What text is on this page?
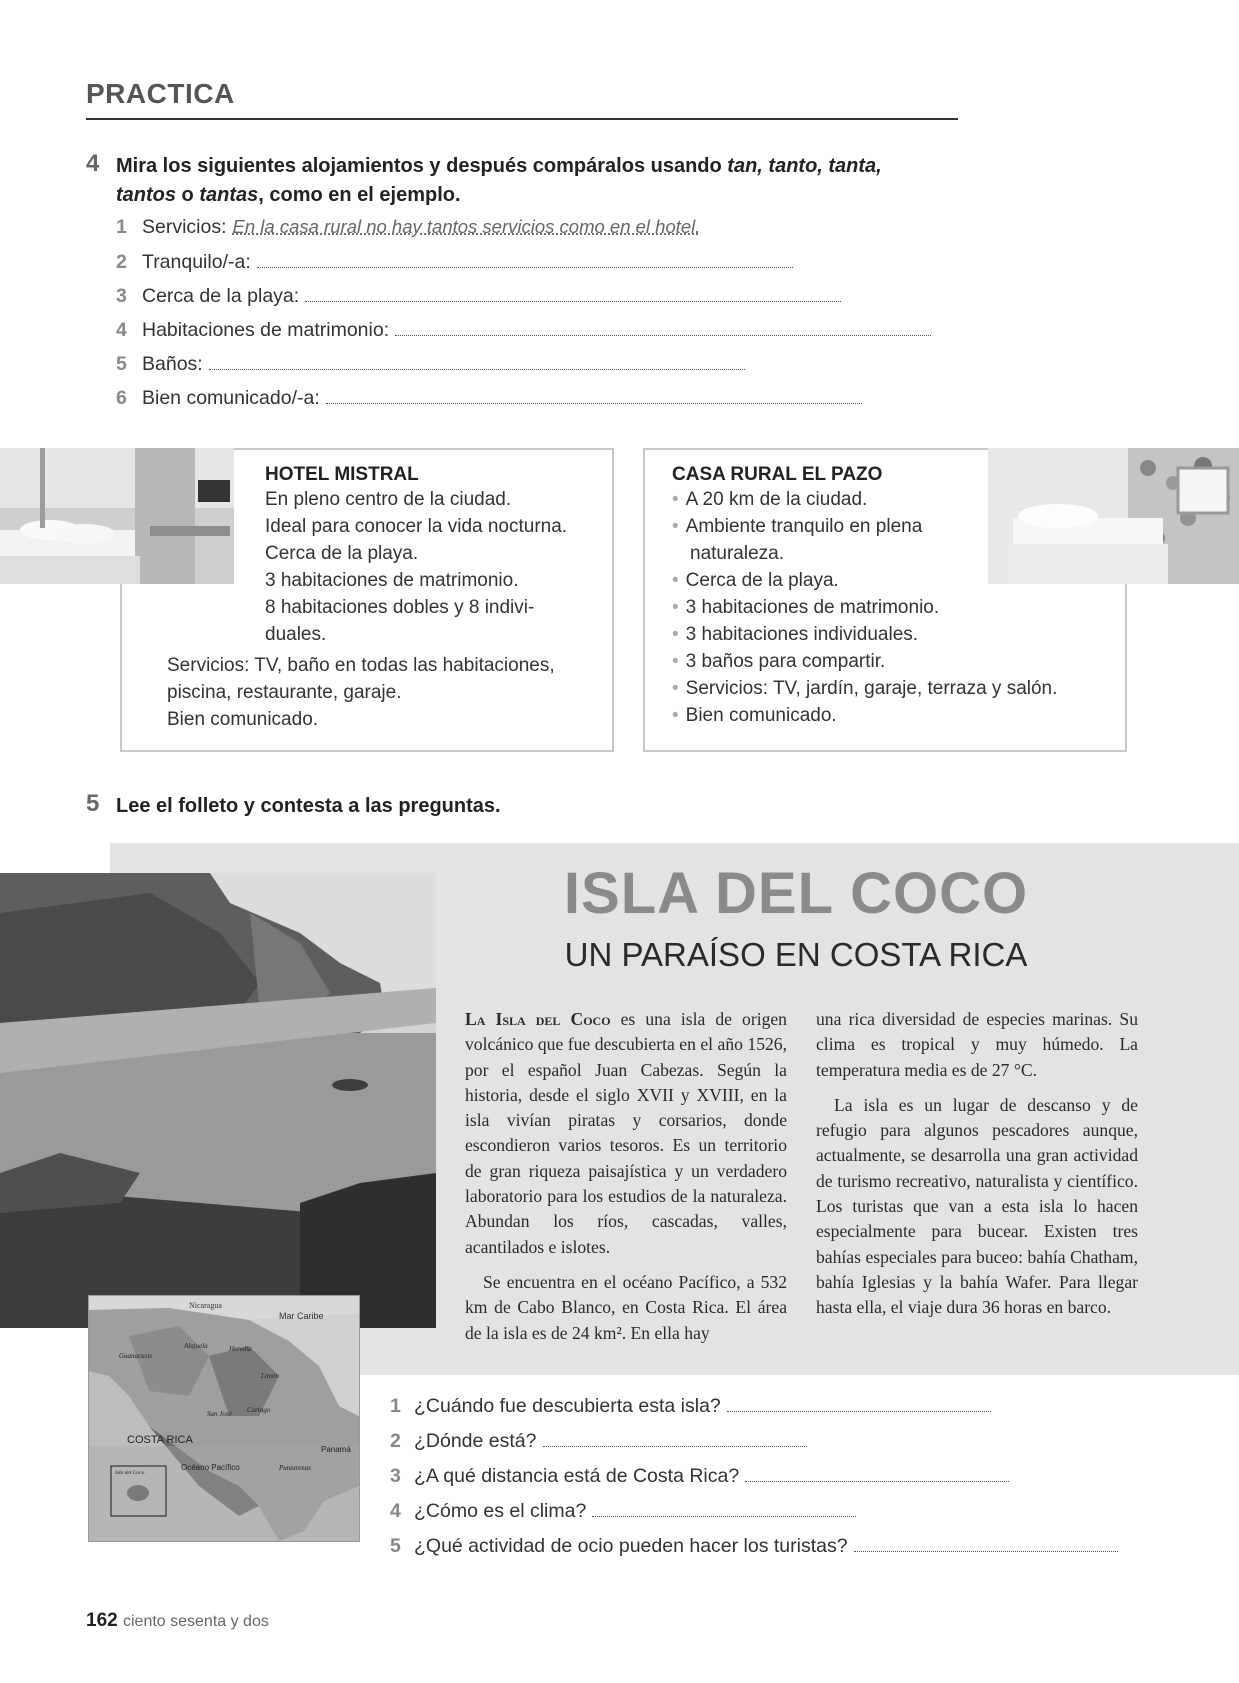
PRACTICA
4 Mira los siguientes alojamientos y después compáralos usando tan, tanto, tanta,
tantos o tantas, como en el ejemplo.
1 Servicios: En la casa rural no hay tantos servicios como en el hotel.
2 Tranquilo/-a:
3 Cerca de la playa:
4 Habitaciones de matrimonio:
5 Baños:
6 Bien comunicado/-a:
HOTEL MISTRAL
En pleno centro de la ciudad.
Ideal para conocer la vida nocturna.
Cerca de la playa.
3 habitaciones de matrimonio.
8 habitaciones dobles y 8 indivi-
duales.
Servicios: TV, baño en todas las habitaciones,
piscina, restaurante, garaje.
Bien comunicado.
CASA RURAL EL PAZO
• A 20 km de la ciudad.
• Ambiente tranquilo en plena
naturaleza.
• Cerca de la playa.
• 3 habitaciones de matrimonio.
• 3 habitaciones individuales.
• 3 baños para compartir.
• Servicios: TV, jardín, garaje, terraza y salón.
• Bien comunicado.
5 Lee el folleto y contesta a las preguntas.
ISLA DEL COCO
UN PARAÍSO EN COSTA RICA

La Isla del Coco es una isla de origen volcánico que fue descubierta en el año 1526, por el español Juan Cabezas. Según la historia, desde el siglo XVII y XVIII, en la isla vivían piratas y corsarios, donde escondieron varios tesoros. Es un territorio de gran riqueza paisajística y un verdadero laboratorio para los estudios de la naturaleza. Abundan los ríos, cascadas, valles, acantilados e islotes.

Se encuentra en el océano Pacífico, a 532 km de Cabo Blanco, en Costa Rica. El área de la isla es de 24 km². En ella hay

una rica diversidad de especies marinas. Su clima es tropical y muy húmedo. La temperatura media es de 27 °C.

La isla es un lugar de descanso y de refugio para algunos pescadores aunque, actualmente, se desarrolla una gran actividad de turismo recreativo, naturalista y científico. Los turistas que van a esta isla lo hacen especialmente para bucear. Existen tres bahías especiales para buceo: bahía Chatham, bahía Iglesias y la bahía Wafer. Para llegar hasta ella, el viaje dura 36 horas en barco.

Nicaragua
Mar Caribe
Guanacaste
Alajuela	Heredia
Limón
San José Cartago
COSTA RICA
Panamá
Isla del Coco
Océano Pacífico	Puntarenas
1 ¿Cuándo fue descubierta esta isla?
2 ¿Dónde está?
3 ¿A qué distancia está de Costa Rica?
4 ¿Cómo es el clima?
5 ¿Qué actividad de ocio pueden hacer los turistas?
162 ciento sesenta y dos
